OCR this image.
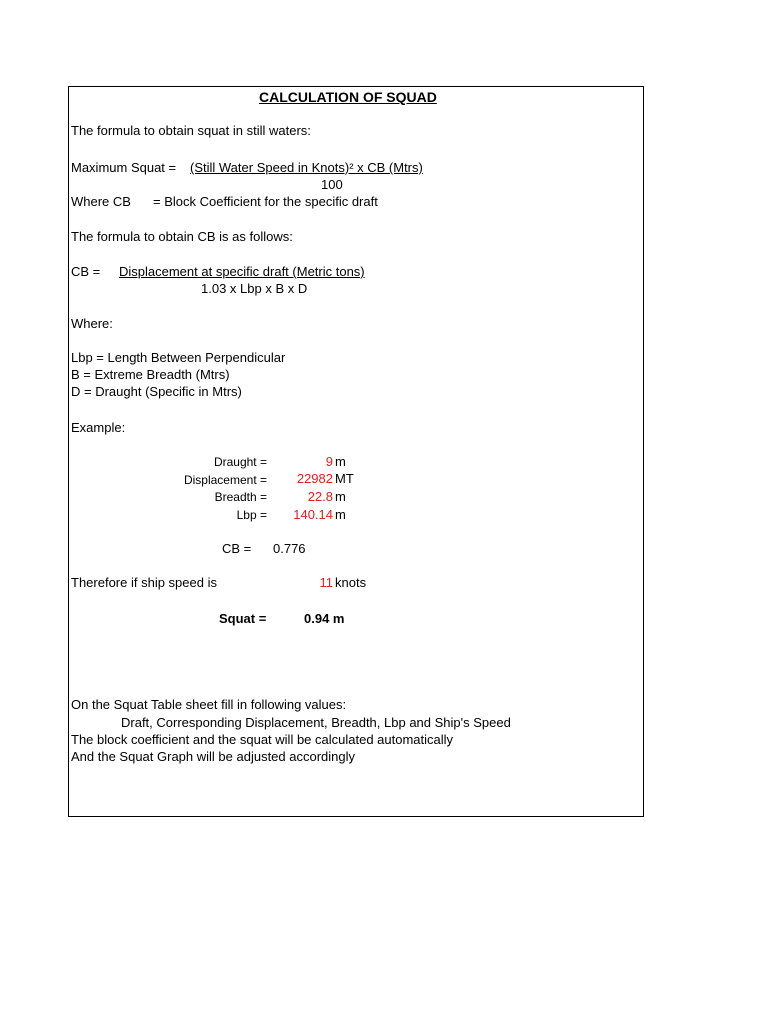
CALCULATION OF SQUAD
The formula to obtain squat in still waters:
Maximum Squat = (Still Water Speed in Knots)² x CB (Mtrs)
100
Where CB = Block Coefficient for the specific draft
The formula to obtain CB is as follows:
CB = Displacement at specific draft (Metric tons)
1.03 x Lbp x B x D
Where:
Lbp = Length Between Perpendicular
B = Extreme Breadth (Mtrs)
D = Draught (Specific in Mtrs)
Example:
Draught =	9 m
Displacement =	22982 MT
Breadth =	22.8 m
Lbp =	140.14 m
CB = 0.776
Therefore if ship speed is	11 knots
Squat =	0.94 m
On the Squat Table sheet fill in following values:
Draft, Corresponding Displacement, Breadth, Lbp and Ship's Speed
The block coefficient and the squat will be calculated automatically
And the Squat Graph will be adjusted accordingly
